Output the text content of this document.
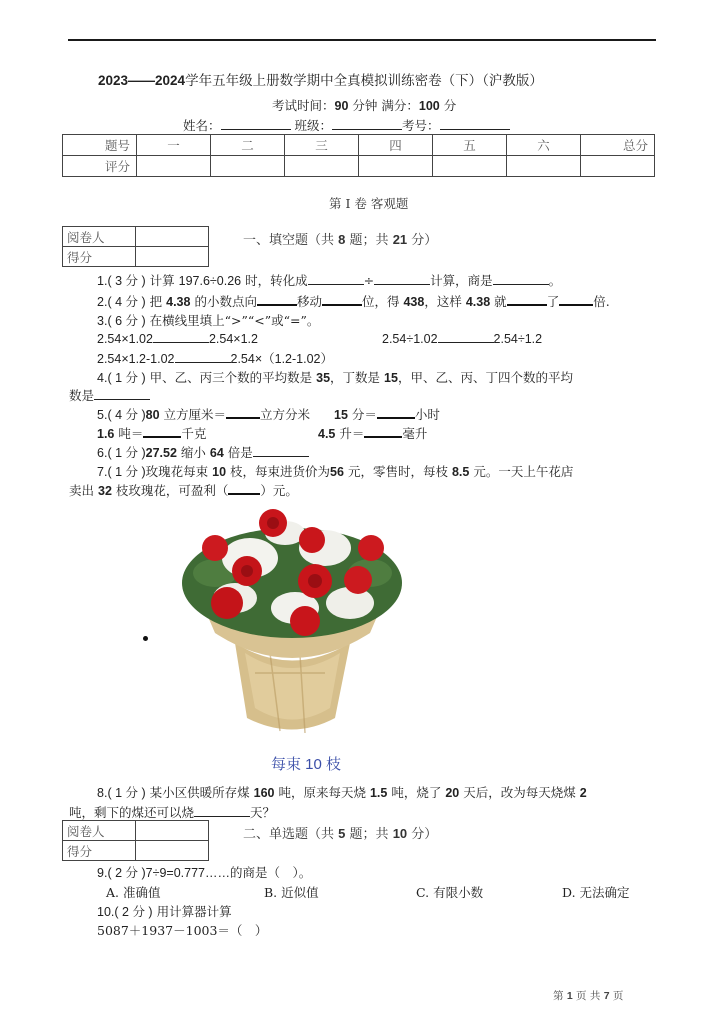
2023——2024学年五年级上册数学期中全真模拟训练密卷（下）（沪教版）
考试时间：90 分钟 满分：100 分
姓名：	班级：	考号：
题号	一	二	三	四	五	六	总分
评分							
第 I 卷 客观题
阅卷人	
得分	
一、填空题（共 8 题；共 21 分）
1.( 3 分 ) 计算 197.6÷0.26 时，转化成	÷	计算，商是	。
2.( 4 分 ) 把 4.38 的小数点向	移动	位，得 438，这样 4.38 就	了	倍.
3.( 6 分 ) 在横线里填上“>”“<”或“=”。
2.54×1.02	2.54×1.2	2.54÷1.02	2.54÷1.2
2.54×1.2-1.02	2.54×（1.2-1.02）
4.( 1 分 ) 甲、乙、丙三个数的平均数是 35，丁数是 15，甲、乙、丙、丁四个数的平均
数是
5.( 4 分 )80 立方厘米＝	立方分米 15 分＝	小时
1.6 吨＝	千克	4.5 升＝	毫升
6.( 1 分 )27.52 缩小 64 倍是
7.( 1 分 )玫瑰花每束 10 枝，每束进货价为56 元，零售时，每枝 8.5 元。一天上午花店
卖出 32 枝玫瑰花，可盈利（	）元。
每束 10 枝
8.( 1 分 ) 某小区供暖所存煤 160 吨，原来每天烧 1.5 吨，烧了 20 天后，改为每天烧煤 2
吨，剩下的煤还可以烧	天？
阅卷人	
得分	
二、单选题（共 5 题；共 10 分）
9.( 2 分 )7÷9=0.777……的商是（　）。
A. 准确值	B. 近似值	C. 有限小数	D. 无法确定
10.( 2 分 ) 用计算器计算
5087＋1937－1003＝（　）
第 1 页 共 7 页
